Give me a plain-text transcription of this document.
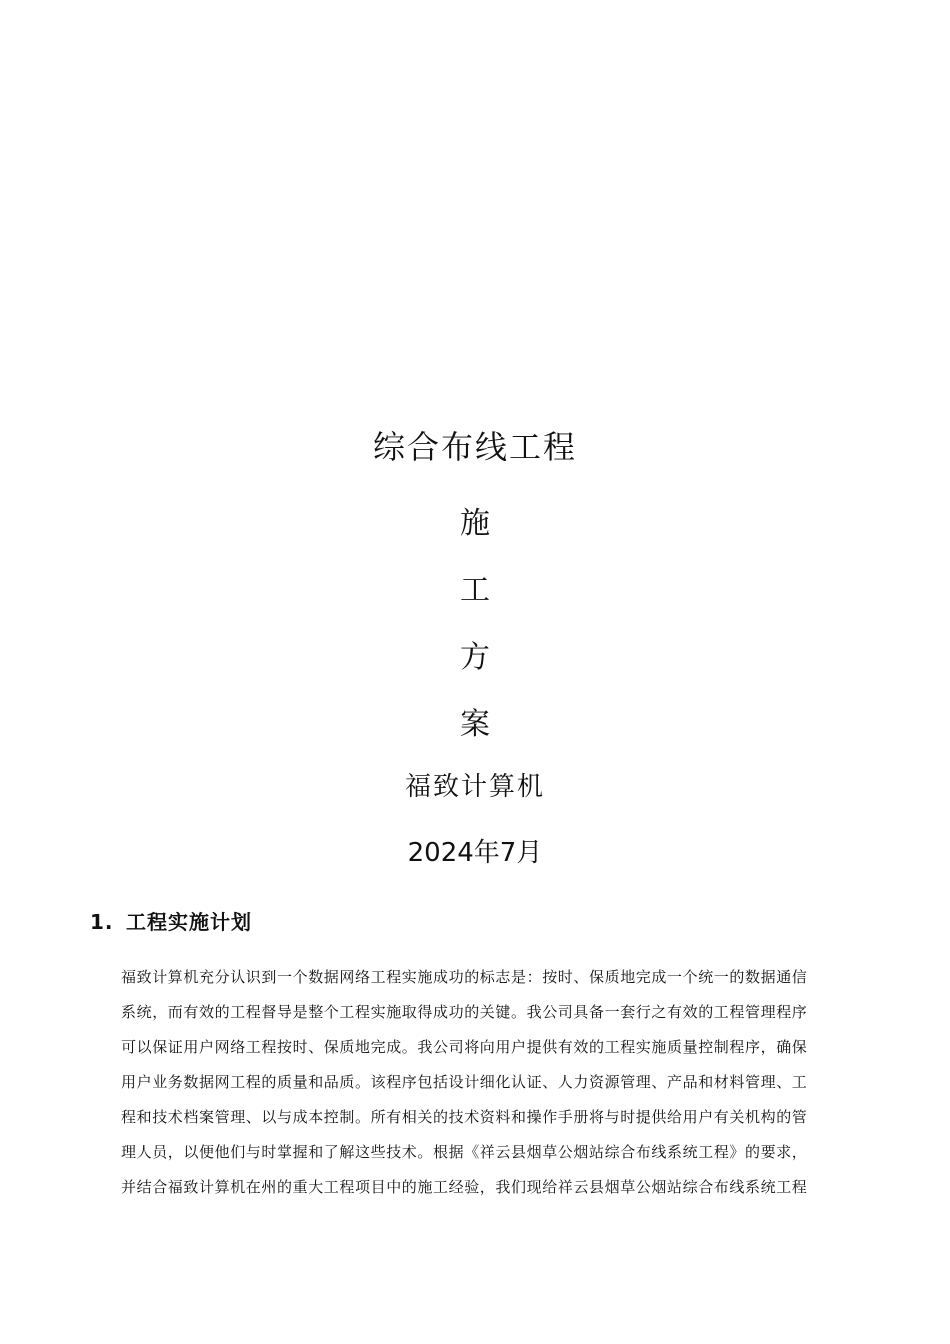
综合布线工程
施
工
方
案
福致计算机
2024年7月
1. 工程实施计划
福致计算机充分认识到一个数据网络工程实施成功的标志是：按时、保质地完成一个统一的数据通信
系统，而有效的工程督导是整个工程实施取得成功的关键。我公司具备一套行之有效的工程管理程序
可以保证用户网络工程按时、保质地完成。我公司将向用户提供有效的工程实施质量控制程序，确保
用户业务数据网工程的质量和品质。该程序包括设计细化认证、人力资源管理、产品和材料管理、工
程和技术档案管理、以与成本控制。所有相关的技术资料和操作手册将与时提供给用户有关机构的管
理人员，以便他们与时掌握和了解这些技术。根据《祥云县烟草公烟站综合布线系统工程》的要求，
并结合福致计算机在州的重大工程项目中的施工经验，我们现给祥云县烟草公烟站综合布线系统工程
